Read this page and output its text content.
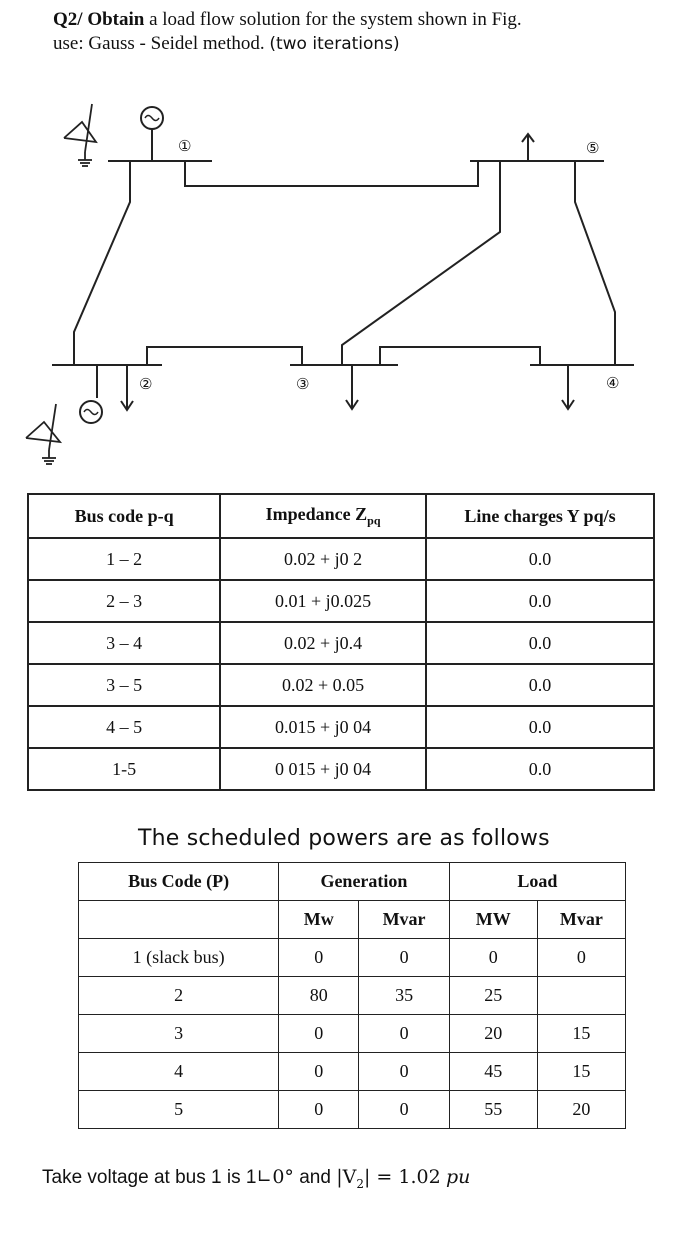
Q2/ Obtain a load flow solution for the system shown in Fig.
use: Gauss - Seidel method. (two iterations)
①
②	③	④
⑤
Bus code p-q	Impedance $Z_{pq}$	Line charges Y pq/s
1 – 2	0.02 + j0 2	0.0
2 – 3	0.01 + j0.025	0.0
3 – 4	0.02 + j0.4	0.0
3 – 5	0.02 + 0.05	0.0
4 – 5	0.015 + j0 04	0.0
1-5	0 015 + j0 04	0.0
The scheduled powers are as follows
Bus Code (P)	Generation		Load	
	Mw	Mvar	MW	Mvar
1 (slack bus)	0	0	0	0
2	80	35	25	
3	0	0	20	15
4	0	0	45	15
5	0	0	55	20
Take voltage at bus 1 is 1∟0° and $|V_2| = 1.02$ pu
